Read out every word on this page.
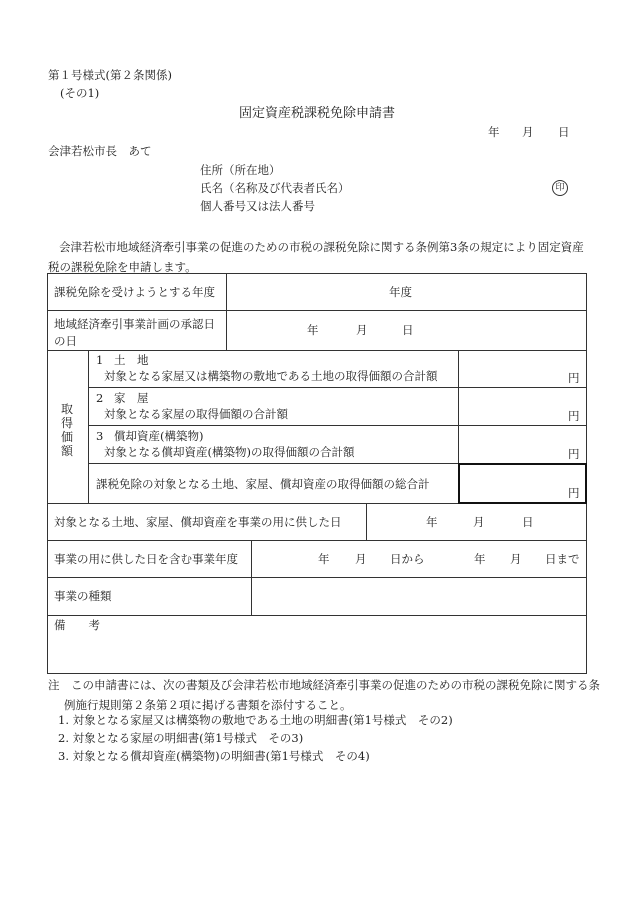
第１号様式(第２条関係)
(その1)
固定資産税課税免除申請書
年 月 日
会津若松市長　あて
住所（所在地）
氏名（名称及び代表者氏名）	印
個人番号又は法人番号
会津若松市地域経済牽引事業の促進のための市税の課税免除に関する条例第3条の規定により固定資産税の課税免除を申請します。
課税免除を受けようとする年度	年度
地域経済牽引事業計画の承認日の日
年	月	日
取得価額
1 土　地
対象となる家屋又は構築物の敷地である土地の取得価額の合計額	円
2 家　屋
対象となる家屋の取得価額の合計額	円
3 償却資産(構築物)
対象となる償却資産(構築物)の取得価額の合計額	円
課税免除の対象となる土地、家屋、償却資産の取得価額の総合計
円
対象となる土地、家屋、償却資産を事業の用に供した日	年	月	日
事業の用に供した日を含む事業年度	年 月 日から	年 月 日まで
事業の種類
備　　考
注　この申請書には、次の書類及び会津若松市地域経済牽引事業の促進のための市税の課税免除に関する条例施行規則第２条第２項に掲げる書類を添付すること。
1. 対象となる家屋又は構築物の敷地である土地の明細書(第1号様式　その2)
2. 対象となる家屋の明細書(第1号様式　その3)
3. 対象となる償却資産(構築物)の明細書(第1号様式　その4)
